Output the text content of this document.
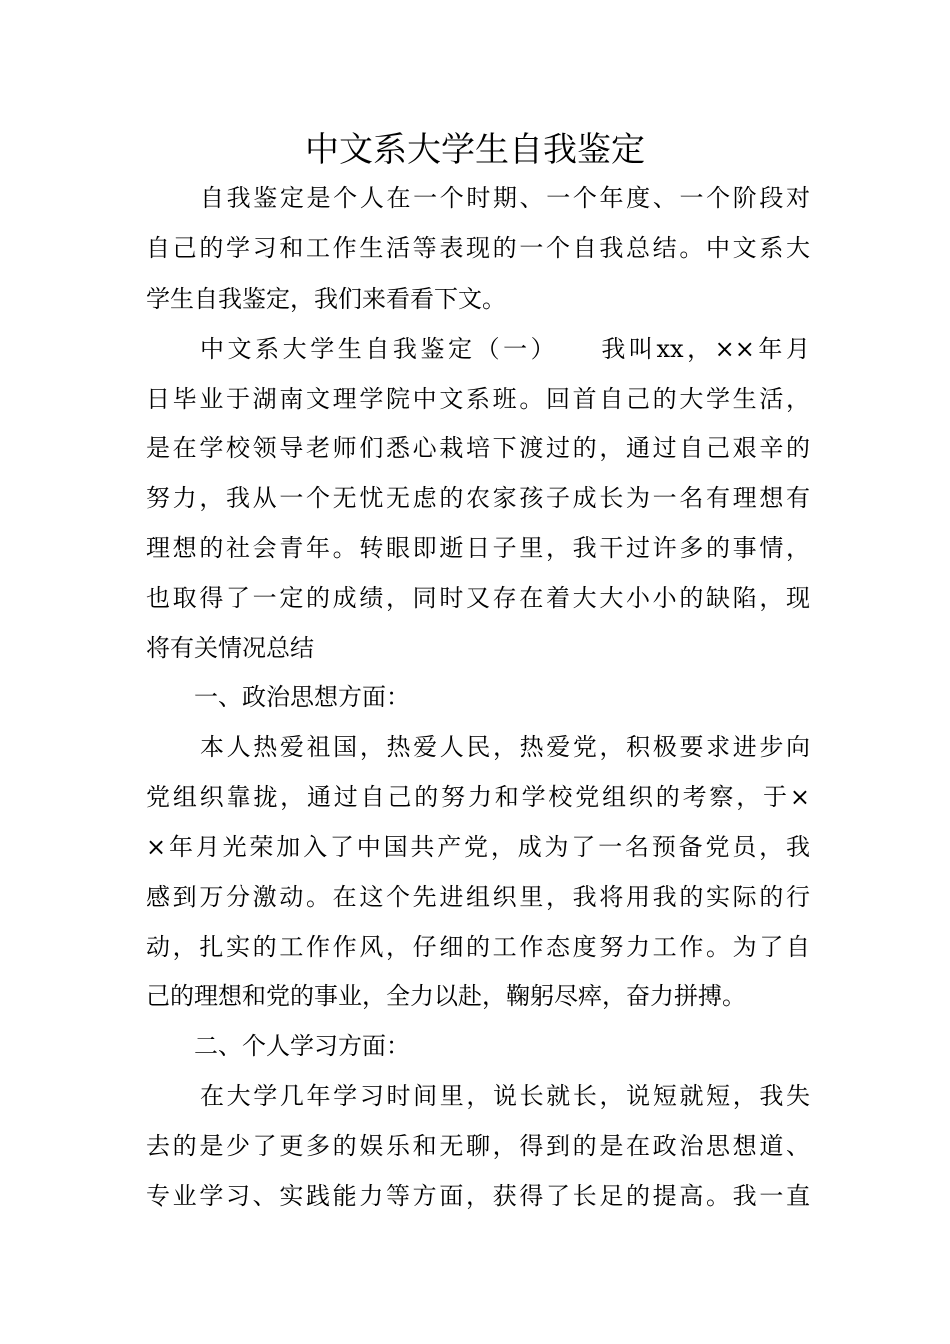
中文系大学生自我鉴定
自我鉴定是个人在一个时期、一个年度、一个阶段对
自己的学习和工作生活等表现的一个自我总结。中文系大
学生自我鉴定，我们来看看下文。
中文系大学生自我鉴定（一）　　我叫xx，××年月
日毕业于湖南文理学院中文系班。回首自己的大学生活，
是在学校领导老师们悉心栽培下渡过的，通过自己艰辛的
努力，我从一个无忧无虑的农家孩子成长为一名有理想有
理想的社会青年。转眼即逝日子里，我干过许多的事情，
也取得了一定的成绩，同时又存在着大大小小的缺陷，现
将有关情况总结
一、政治思想方面：
本人热爱祖国，热爱人民，热爱党，积极要求进步向
党组织靠拢，通过自己的努力和学校党组织的考察，于×
×年月光荣加入了中国共产党，成为了一名预备党员，我
感到万分激动。在这个先进组织里，我将用我的实际的行
动，扎实的工作作风，仔细的工作态度努力工作。为了自
己的理想和党的事业，全力以赴，鞠躬尽瘁，奋力拼搏。
二、个人学习方面：
在大学几年学习时间里，说长就长，说短就短，我失
去的是少了更多的娱乐和无聊，得到的是在政治思想道、
专业学习、实践能力等方面，获得了长足的提高。我一直
